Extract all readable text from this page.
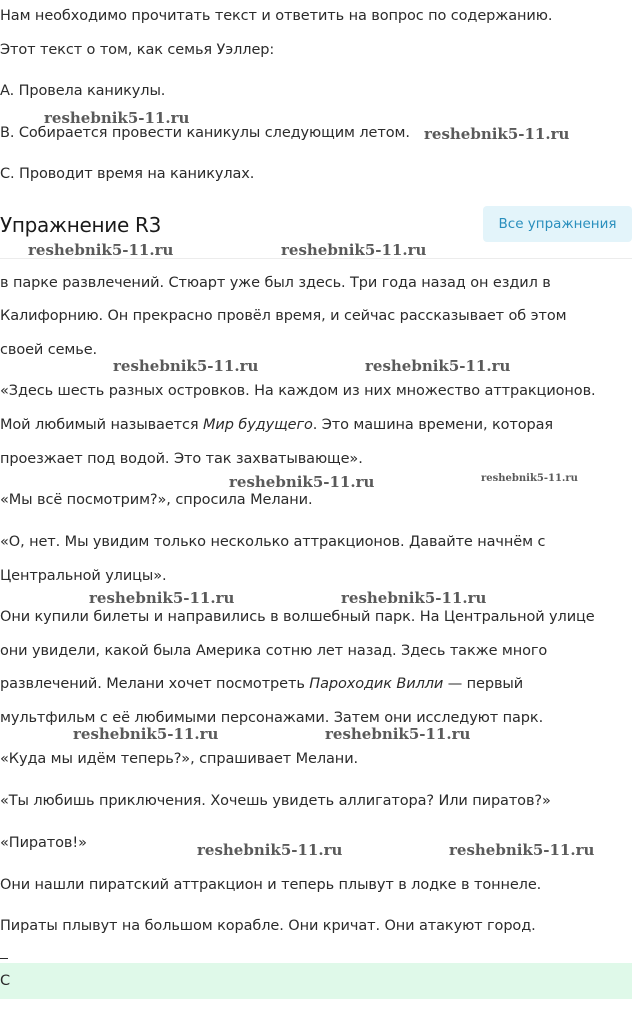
Нам необходимо прочитать текст и ответить на вопрос по содержанию.
Этот текст о том, как семья Уэллер:
A. Провела каникулы.
B. Собирается провести каникулы следующим летом.
C. Проводит время на каникулах.
Упражнение R3	Все упражнения
в парке развлечений. Стюарт уже был здесь. Три года назад он ездил в
Калифорнию. Он прекрасно провёл время, и сейчас рассказывает об этом
своей семье.
«Здесь шесть разных островков. На каждом из них множество аттракционов.
Мой любимый называется Мир будущего. Это машина времени, которая
проезжает под водой. Это так захватывающе».
«Мы всё посмотрим?», спросила Мелани.
«О, нет. Мы увидим только несколько аттракционов. Давайте начнём с
Центральной улицы».
Они купили билеты и направились в волшебный парк. На Центральной улице
они увидели, какой была Америка сотню лет назад. Здесь также много
развлечений. Мелани хочет посмотреть Пароходик Вилли — первый
мультфильм с её любимыми персонажами. Затем они исследуют парк.
«Куда мы идём теперь?», спрашивает Мелани.
«Ты любишь приключения. Хочешь увидеть аллигатора? Или пиратов?»
«Пиратов!»
Они нашли пиратский аттракцион и теперь плывут в лодке в тоннеле.
Пираты плывут на большом корабле. Они кричат. Они атакуют город.
C
reshebnik5-11.ru
reshebnik5-11.ru
reshebnik5-11.ru	reshebnik5-11.ru
reshebnik5-11.ru	reshebnik5-11.ru
reshebnik5-11.ru	reshebnik5-11.ru
reshebnik5-11.ru	reshebnik5-11.ru
reshebnik5-11.ru	reshebnik5-11.ru
reshebnik5-11.ru	reshebnik5-11.ru
